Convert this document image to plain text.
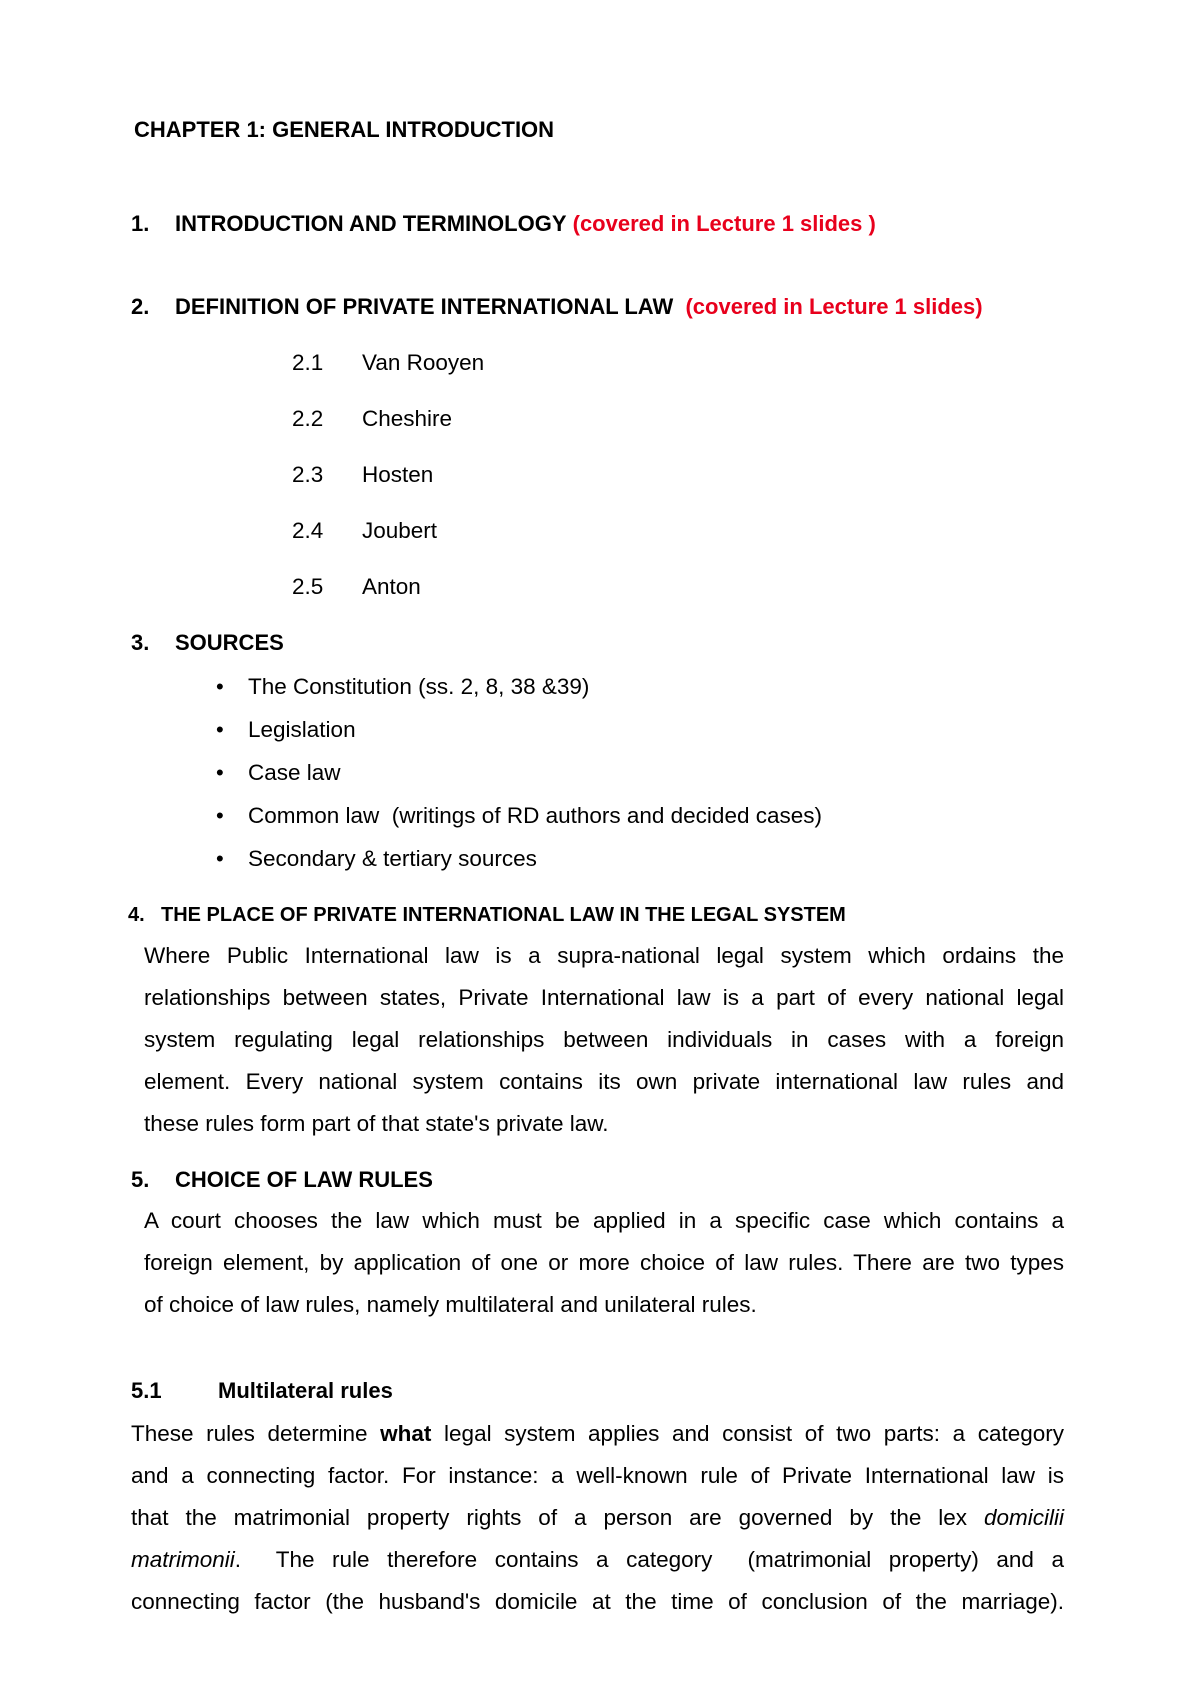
CHAPTER 1: GENERAL INTRODUCTION
1. INTRODUCTION AND TERMINOLOGY (covered in Lecture 1 slides )
2. DEFINITION OF PRIVATE INTERNATIONAL LAW (covered in Lecture 1 slides)
2.1 Van Rooyen
2.2 Cheshire
2.3 Hosten
2.4 Joubert
2.5 Anton
3. SOURCES
• The Constitution (ss. 2, 8, 38 &39)
• Legislation
• Case law
• Common law  (writings of RD authors and decided cases)
• Secondary & tertiary sources
4. THE PLACE OF PRIVATE INTERNATIONAL LAW IN THE LEGAL SYSTEM
Where Public International law is a supra-national legal system which ordains the
relationships between states, Private International law is a part of every national legal
system regulating legal relationships between individuals in cases with a foreign
element. Every national system contains its own private international law rules and
these rules form part of that state's private law.
5. CHOICE OF LAW RULES
A court chooses the law which must be applied in a specific case which contains a
foreign element, by application of one or more choice of law rules. There are two types
of choice of law rules, namely multilateral and unilateral rules.
5.1	Multilateral rules
These rules determine what legal system applies and consist of two parts: a category
and a connecting factor. For instance: a well-known rule of Private International law is
that the matrimonial property rights of a person are governed by the lex domicilii
matrimonii.  The rule therefore contains a category  (matrimonial property) and a
connecting factor (the husband's domicile at the time of conclusion of the marriage).
